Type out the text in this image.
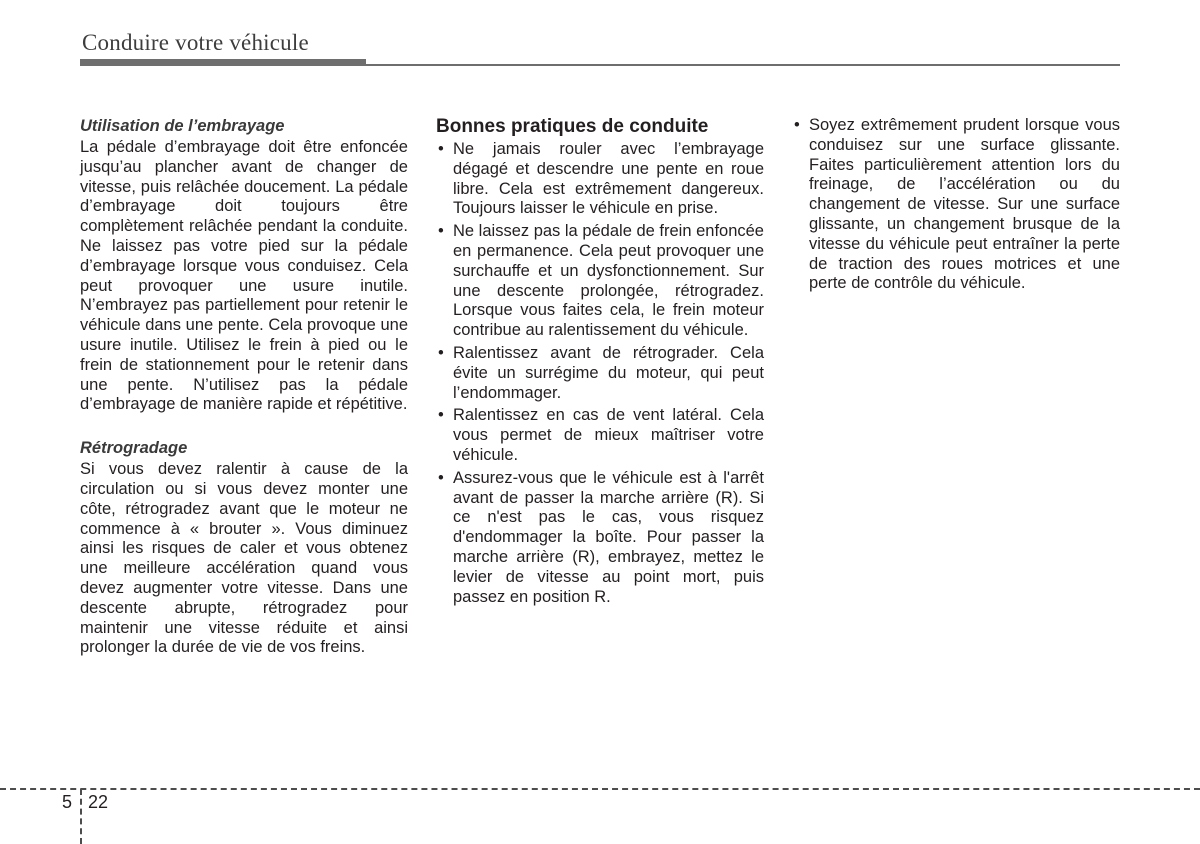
Conduire votre véhicule

Utilisation de l’embrayage

La pédale d’embrayage doit être enfoncée jusqu’au plancher avant de changer de vitesse, puis relâchée doucement. La pédale d’embrayage doit toujours être complètement relâchée pendant la conduite. Ne laissez pas votre pied sur la pédale d’embrayage lorsque vous conduisez. Cela peut provoquer une usure inutile. N’embrayez pas partiellement pour retenir le véhicule dans une pente. Cela provoque une usure inutile. Utilisez le frein à pied ou le frein de stationnement pour le retenir dans une pente. N’utilisez pas la pédale d’embrayage de manière rapide et répétitive.

Rétrogradage

Si vous devez ralentir à cause de la circulation ou si vous devez monter une côte, rétrogradez avant que le moteur ne commence à « brouter ». Vous diminuez ainsi les risques de caler et vous obtenez une meilleure accélération quand vous devez augmenter votre vitesse. Dans une descente abrupte, rétrogradez pour maintenir une vitesse réduite et ainsi prolonger la durée de vie de vos freins.

Bonnes pratiques de conduite

• Ne jamais rouler avec l’embrayage dégagé et descendre une pente en roue libre. Cela est extrêmement dangereux. Toujours laisser le véhicule en prise.
• Ne laissez pas la pédale de frein enfoncée en permanence. Cela peut provoquer une surchauffe et un dysfonctionnement. Sur une descente prolongée, rétrogradez. Lorsque vous faites cela, le frein moteur contribue au ralentissement du véhicule.
• Ralentissez avant de rétrograder. Cela évite un surrégime du moteur, qui peut l’endommager.
• Ralentissez en cas de vent latéral. Cela vous permet de mieux maîtriser votre véhicule.
• Assurez-vous que le véhicule est à l'arrêt avant de passer la marche arrière (R). Si ce n'est pas le cas, vous risquez d'endommager la boîte. Pour passer la marche arrière (R), embrayez, mettez le levier de vitesse au point mort, puis passez en position R.
• Soyez extrêmement prudent lorsque vous conduisez sur une surface glissante. Faites particulièrement attention lors du freinage, de l’accélération ou du changement de vitesse. Sur une surface glissante, un changement brusque de la vitesse du véhicule peut entraîner la perte de traction des roues motrices et une perte de contrôle du véhicule.
5 22
